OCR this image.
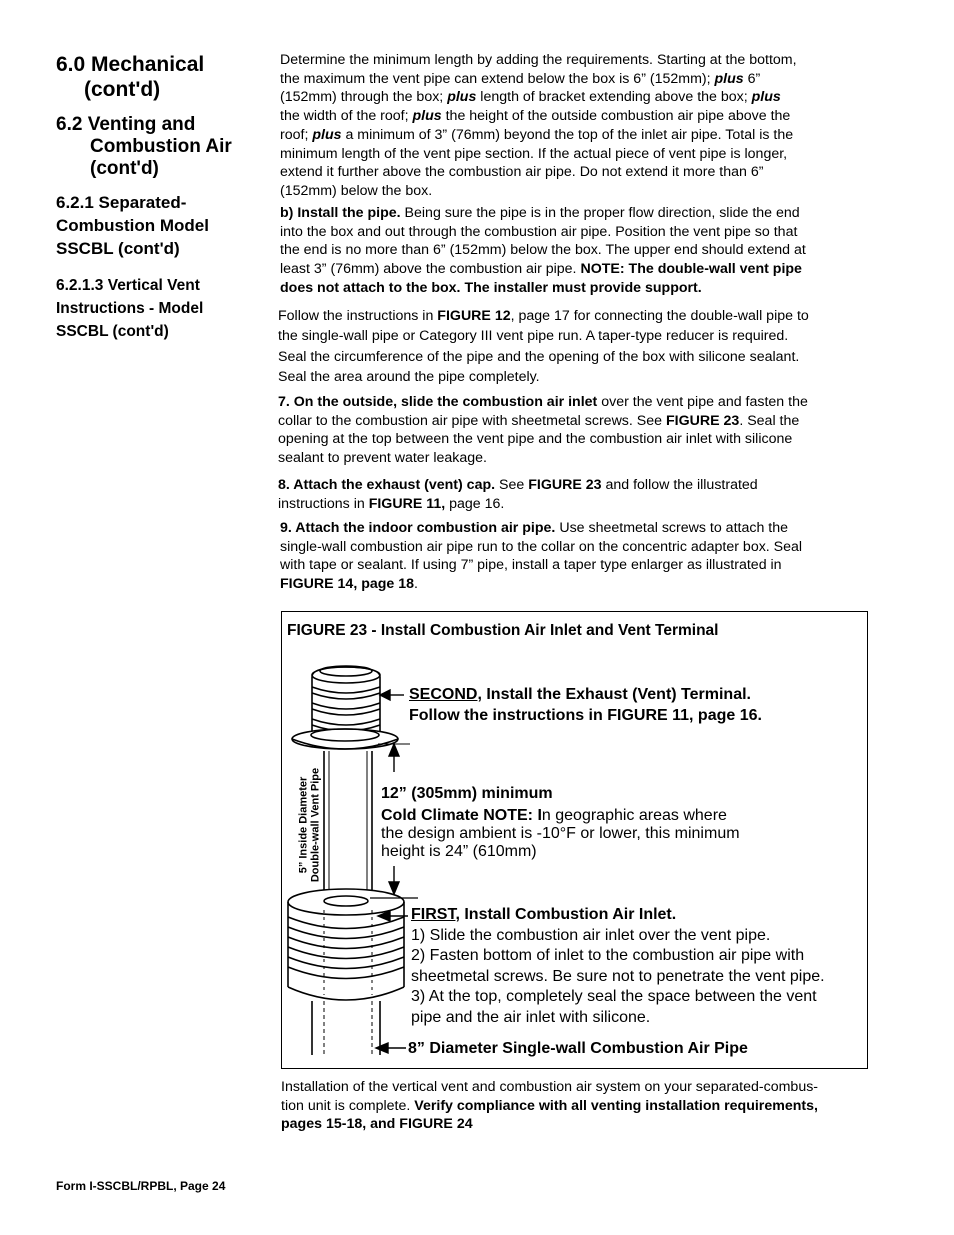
6.0 Mechanical
(cont'd)
6.2 Venting and
Combustion Air
(cont'd)
6.2.1 Separated-
Combustion Model
SSCBL (cont'd)
6.2.1.3 Vertical Vent
Instructions - Model
SSCBL (cont'd)
Determine the minimum length by adding the requirements. Starting at the bottom,
the maximum the vent pipe can extend below the box is 6” (152mm); plus 6”
(152mm) through the box; plus length of bracket extending above the box; plus
the width of the roof; plus the height of the outside combustion air pipe above the
roof; plus a minimum of 3” (76mm) beyond the top of the inlet air pipe. Total is the
minimum length of the vent pipe section. If the actual piece of vent pipe is longer,
extend it further above the combustion air pipe. Do not extend it more than 6”
(152mm) below the box.
b) Install the pipe. Being sure the pipe is in the proper flow direction, slide the end
into the box and out through the combustion air pipe. Position the vent pipe so that
the end is no more than 6” (152mm) below the box. The upper end should extend at
least 3” (76mm) above the combustion air pipe. NOTE: The double-wall vent pipe
does not attach to the box. The installer must provide support.
Follow the instructions in FIGURE 12, page 17 for connecting the double-wall pipe to
the single-wall pipe or Category III vent pipe run. A taper-type reducer is required.
Seal the circumference of the pipe and the opening of the box with silicone sealant.
Seal the area around the pipe completely.
7. On the outside, slide the combustion air inlet over the vent pipe and fasten the
collar to the combustion air pipe with sheetmetal screws. See FIGURE 23. Seal the
opening at the top between the vent pipe and the combustion air inlet with silicone
sealant to prevent water leakage.
8. Attach the exhaust (vent) cap. See FIGURE 23 and follow the illustrated
instructions in FIGURE 11, page 16.
9. Attach the indoor combustion air pipe. Use sheetmetal screws to attach the
single-wall combustion air pipe run to the collar on the concentric adapter box. Seal
with tape or sealant. If using 7” pipe, install a taper type enlarger as illustrated in
FIGURE 14, page 18.
FIGURE 23 - Install Combustion Air Inlet and Vent Terminal
5” Inside Diameter Double-wall Vent Pipe
SECOND, Install the Exhaust (Vent) Terminal.
Follow the instructions in FIGURE 11, page 16.
12” (305mm) minimum
Cold Climate NOTE: In geographic areas where
the design ambient is -10°F or lower, this minimum
height is 24” (610mm)
FIRST, Install Combustion Air Inlet.
1) Slide the combustion air inlet over the vent pipe.
2) Fasten bottom of inlet to the combustion air pipe with
sheetmetal screws. Be sure not to penetrate the vent pipe.
3) At the top, completely seal the space between the vent
pipe and the air inlet with silicone.
8” Diameter Single-wall Combustion Air Pipe
Installation of the vertical vent and combustion air system on your separated-combus-
tion unit is complete. Verify compliance with all venting installation requirements,
pages 15-18, and FIGURE 24
Form I-SSCBL/RPBL, Page 24
